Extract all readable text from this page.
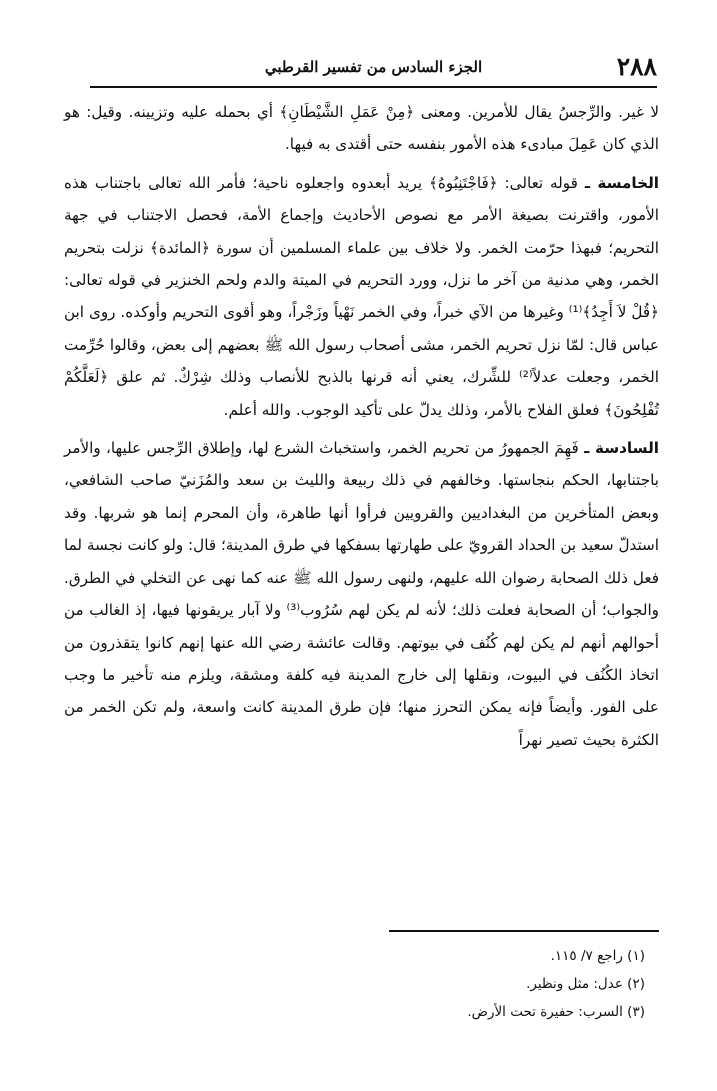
٢٨٨
الجزء السادس من تفسير القرطبي

لا غير. والرِّجسُ يقال للأمرين. ومعنى ﴿مِنْ عَمَلِ الشَّيْطَانِ﴾ أي بحمله عليه وتزيينه. وقيل: هو الذي كان عَمِلَ مبادىء هذه الأمور بنفسه حتى أقتدى به فيها.

الخامسة ـ قوله تعالى: ﴿فَاجْتَنِبُوهُ﴾ يريد أبعدوه واجعلوه ناحية؛ فأمر الله تعالى باجتناب هذه الأمور، واقترنت بصيغة الأمر مع نصوص الأحاديث وإجماع الأمة، فحصل الاجتناب في جهة التحريم؛ فبهذا حرّمت الخمر. ولا خلاف بين علماء المسلمين أن سورة ﴿المائدة﴾ نزلت بتحريم الخمر، وهي مدنية من آخر ما نزل، وورد التحريم في الميتة والدم ولحم الخنزير في قوله تعالى: ﴿قُلْ لاَ أَجِدُ﴾⁽¹⁾ وغيرها من الآي خبراً، وفي الخمر نَهْياً وزَجْراً، وهو أقوى التحريم وأوكده. روى ابن عباس قال: لمّا نزل تحريم الخمر، مشى أصحاب رسول الله ﷺ بعضهم إلى بعض، وقالوا حُرِّمت الخمر، وجعلت عدلاً⁽²⁾ للشِّرك، يعني أنه قرنها بالذبح للأنصاب وذلك شِرْكٌ. ثم علق ﴿لَعَلَّكُمْ تُفْلِحُونَ﴾ فعلق الفلاح بالأمر، وذلك يدلّ على تأكيد الوجوب. والله أعلم.

السادسة ـ فَهِمَ الجمهورُ من تحريم الخمر، واستخباث الشرع لها، وإطلاق الرِّجس عليها، والأمر باجتنابها، الحكم بنجاستها. وخالفهم في ذلك ربيعة والليث بن سعد والمُزَنيّ صاحب الشافعي، وبعض المتأخرين من البغداديين والقرويين فرأوا أنها طاهرة، وأن المحرم إنما هو شربها. وقد استدلّ سعيد بن الحداد القرويّ على طهارتها بسفكها في طرق المدينة؛ قال: ولو كانت نجسة لما فعل ذلك الصحابة رضوان الله عليهم، ولنهى رسول الله ﷺ عنه كما نهى عن التخلي في الطرق. والجواب؛ أن الصحابة فعلت ذلك؛ لأنه لم يكن لهم سُرُوب⁽³⁾ ولا آبار يريقونها فيها، إذ الغالب من أحوالهم أنهم لم يكن لهم كُنُف في بيوتهم. وقالت عائشة رضي الله عنها إنهم كانوا يتقذرون من اتخاذ الكُنُف في البيوت، ونقلها إلى خارج المدينة فيه كلفة ومشقة، ويلزم منه تأخير ما وجب على الفور. وأيضاً فإنه يمكن التحرز منها؛ فإن طرق المدينة كانت واسعة، ولم تكن الخمر من الكثرة بحيث تصير نهراً

(١) راجع ٧/ ١١٥.
(٢) عدل: مثل ونظير.
(٣) السرب: حفيرة تحت الأرض.
